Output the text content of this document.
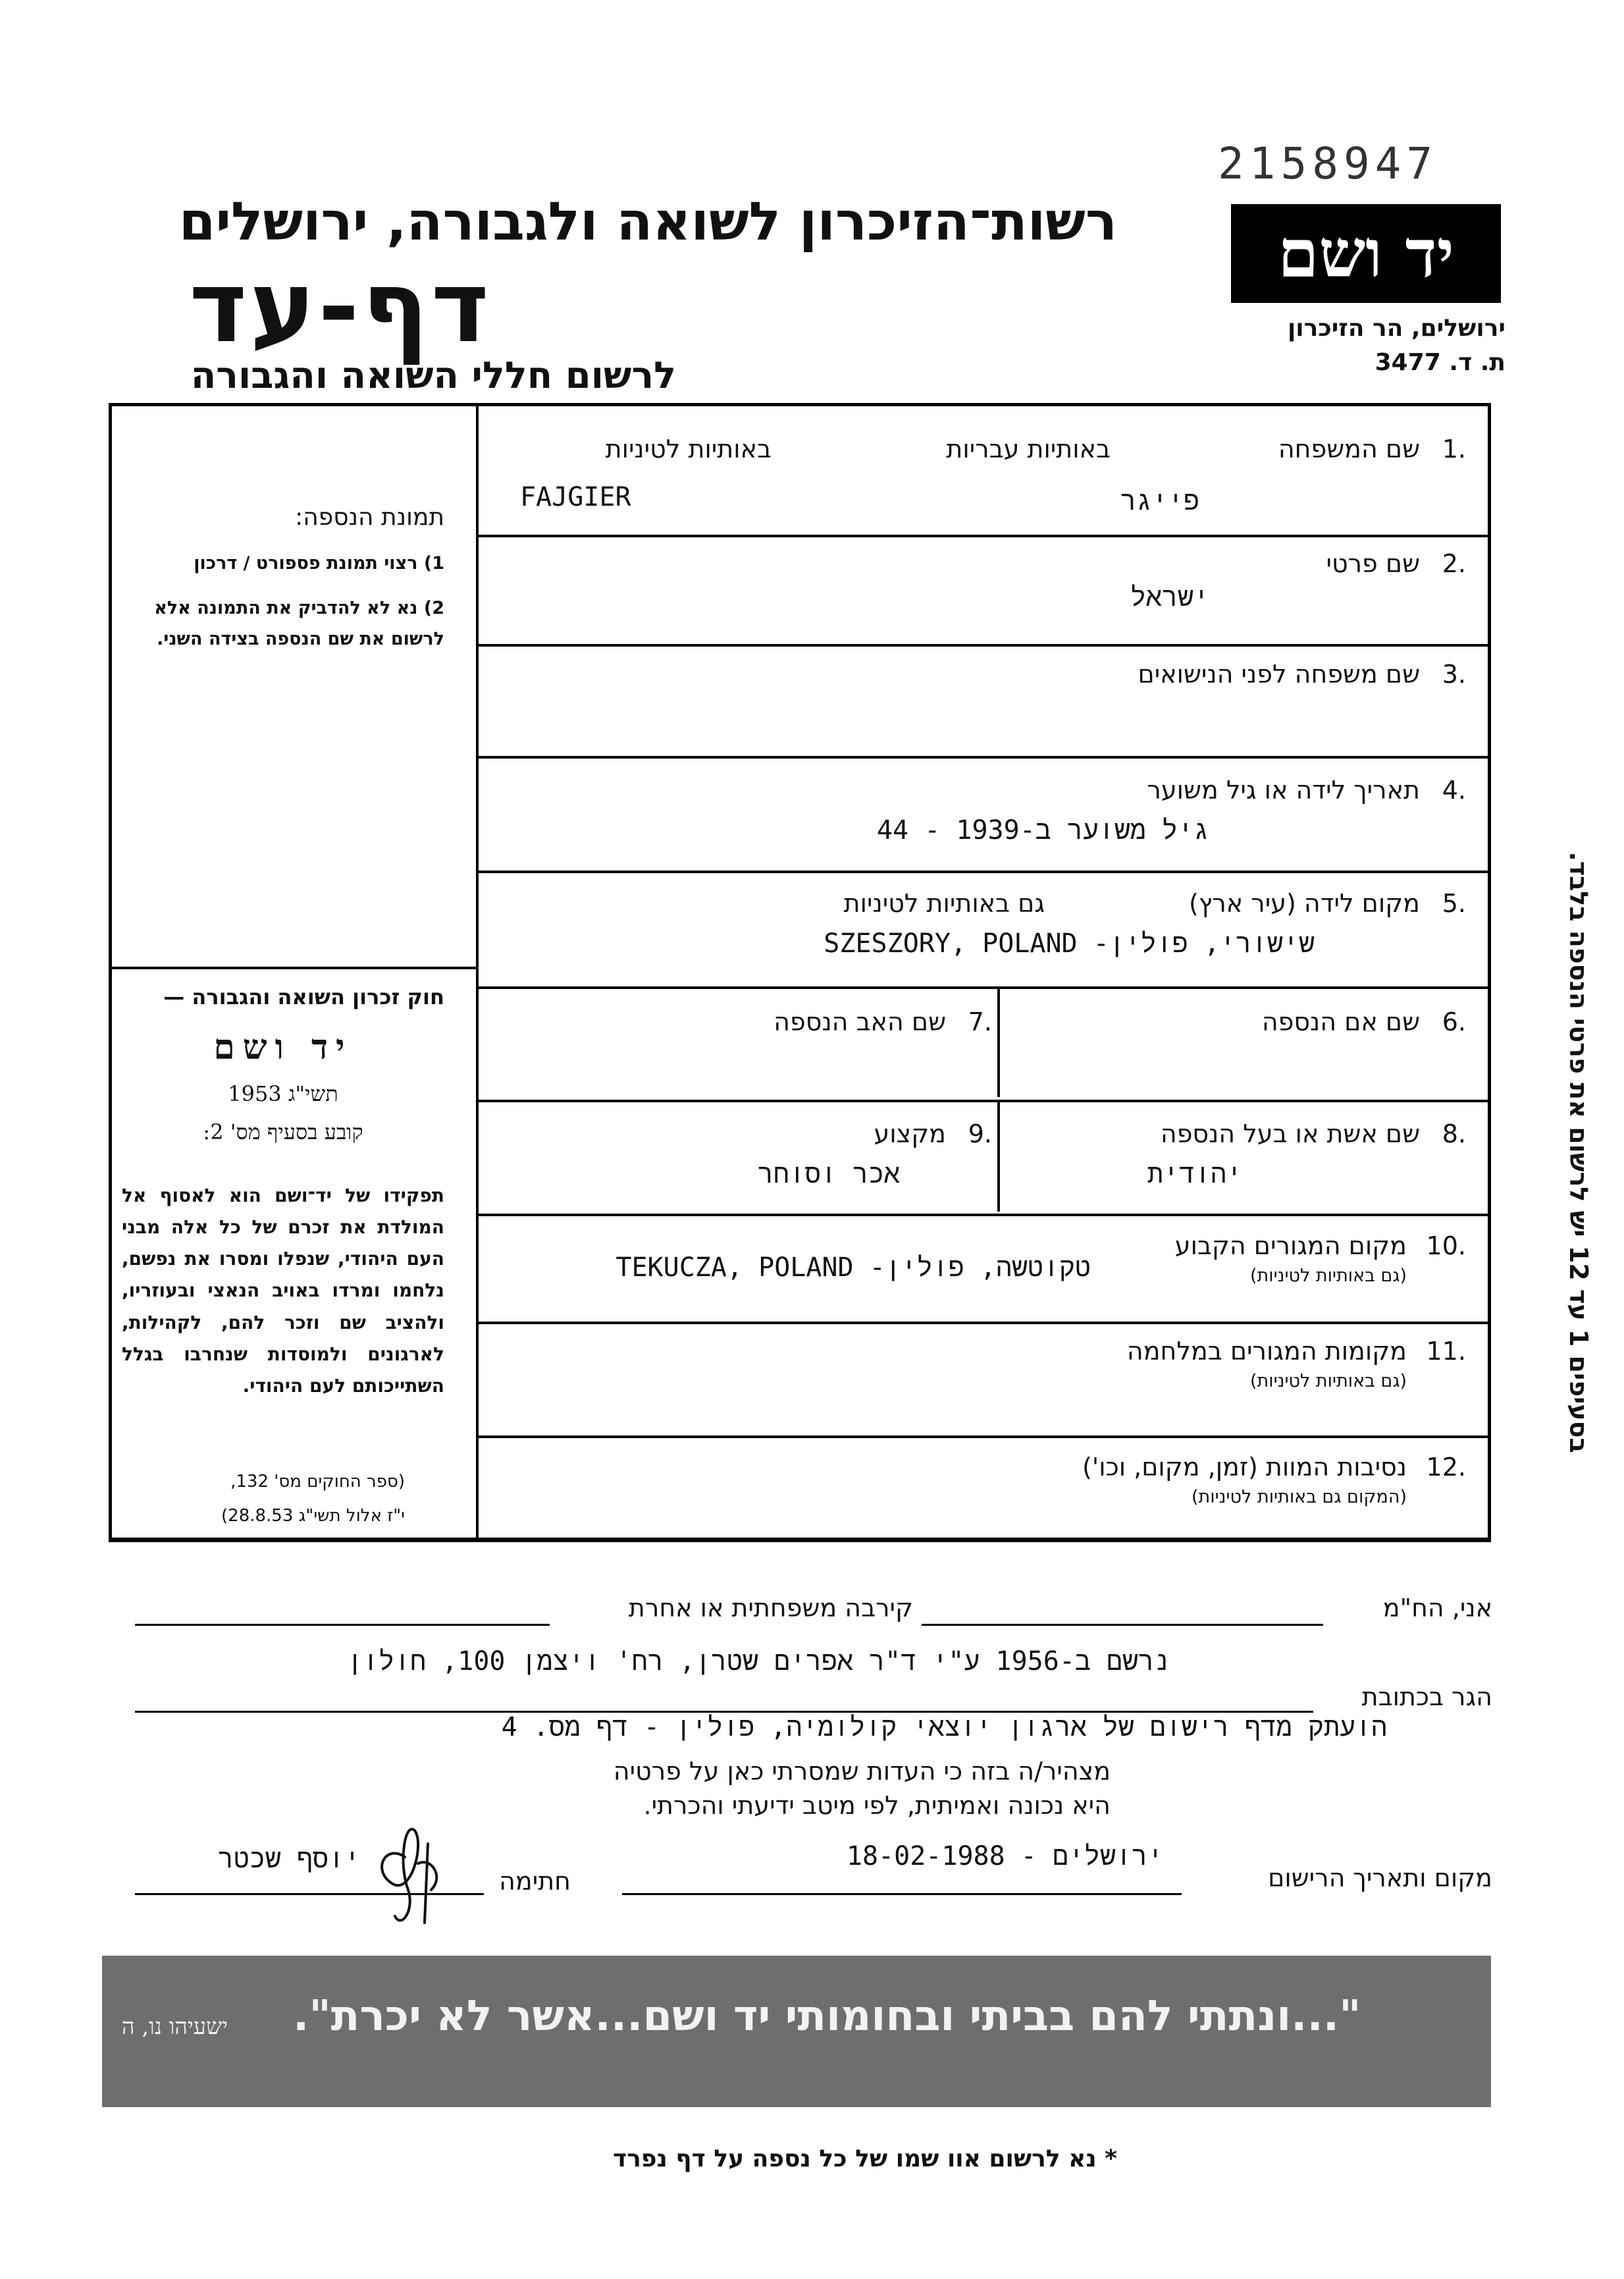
2158947
רשות־הזיכרון לשואה ולגבורה, ירושלים
דף-עד
לרשום חללי השואה והגבורה
יד ושם
ירושלים, הר הזיכרון
ת. ד. 3477
תמונת הנספה:
1) רצוי תמונת פספורט / דרכון
2) נא לא להדביק את התמונה אלא לרשום את שם הנספה בצידה השני.
חוק זכרון השואה והגבורה —
יד ושם
תשי"ג 1953
קובע בסעיף מס' 2:
תפקידו של יד־ושם הוא לאסוף אל המולדת את זכרם של כל אלה מבני העם היהודי, שנפלו ומסרו את נפשם, נלחמו ומרדו באויב הנאצי ובעוזריו, ולהציב שם וזכר להם, לקהילות, לארגונים ולמוסדות שנחרבו בגלל השתייכותם לעם היהודי.
(ספר החוקים מס' 132,
י"ז אלול תשי"ג 28.8.53)
.1
שם המשפחה
באותיות עבריות
באותיות לטיניות
FAJGIER	פייגר
.2
שם פרטי
ישראל
.3
שם משפחה לפני הנישואים
.4
תאריך לידה או גיל משוער
גיל משוער ב-1939 - 44
.5
מקום לידה (עיר ארץ)
גם באותיות לטיניות
SZESZORY, POLAND -שישורי, פולין
.6
שם אם הנספה
.7
שם האב הנספה
.8
שם אשת או בעל הנספה
יהודית
.9
מקצוע
אכר וסוחר
.10
מקום המגורים הקבוע
(גם באותיות לטיניות)
TEKUCZA, POLAND -טקוטשה, פולין
.11
מקומות המגורים במלחמה
(גם באותיות לטיניות)
.12
נסיבות המוות (זמן, מקום, וכו')
(המקום גם באותיות לטיניות)
בסעיפים 1 עד 12 יש לרשום את פרטי הנספה בלבד.
אני, הח"מ
קירבה משפחתית או אחרת
נרשם ב-1956 ע"י ד"ר אפרים שטרן, רח' ויצמן 100, חולון
הגר בכתובת
הועתק מדף רישום של ארגון יוצאי קולומיה, פולין - דף מס. 4
מצהיר/ה בזה כי העדות שמסרתי כאן על פרטיה
היא נכונה ואמיתית, לפי מיטב ידיעתי והכרתי.
מקום ותאריך הרישום
ירושלים - 18-02-1988
חתימה
יוסף שכטר
ישעיהו נו, ה "...ונתתי להם בביתי ובחומותי יד ושם...אשר לא יכרת".
* נא לרשום אוו שמו של כל נספה על דף נפרד
